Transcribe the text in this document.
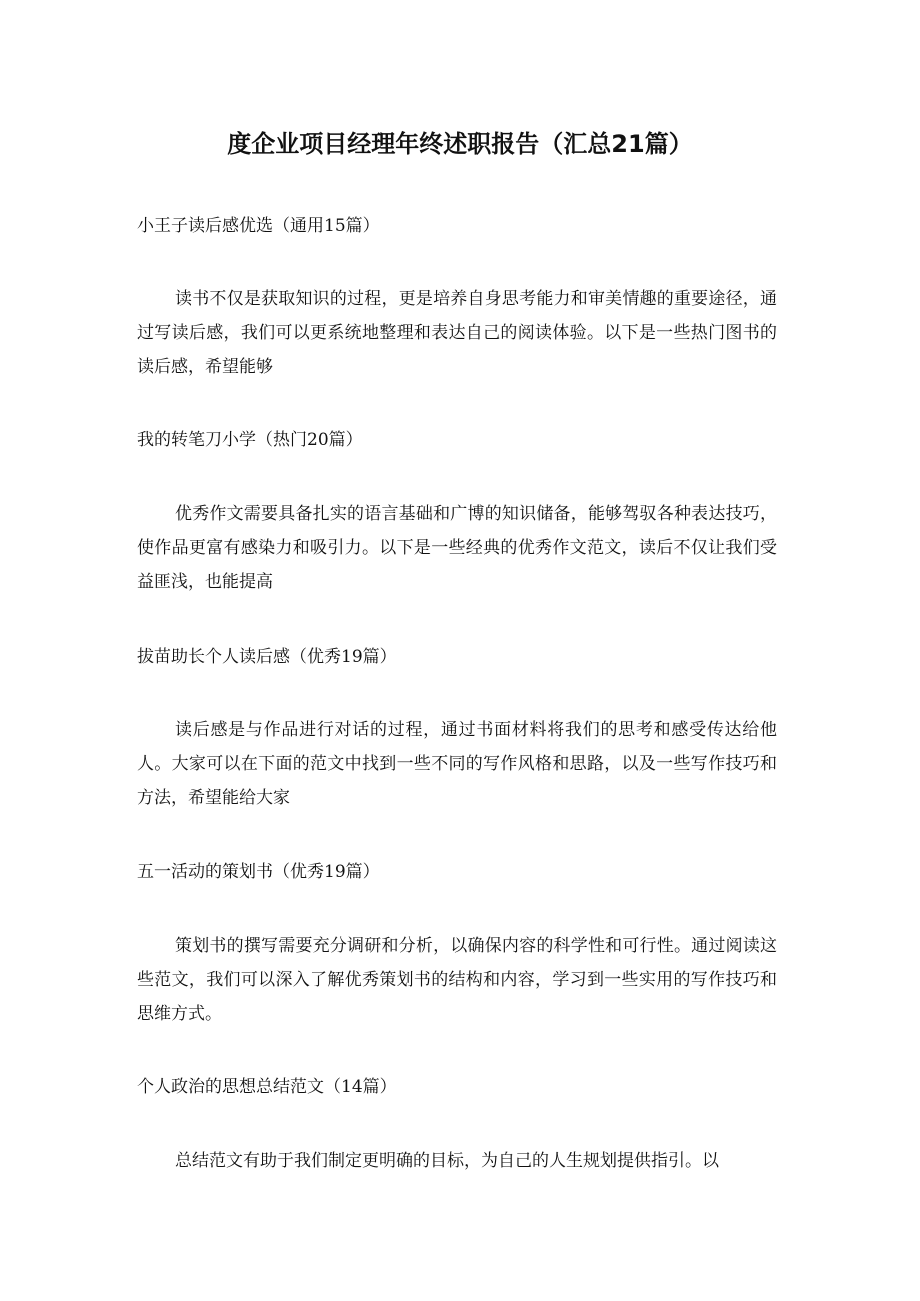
度企业项目经理年终述职报告（汇总21篇）

小王子读后感优选（通用15篇）

读书不仅是获取知识的过程，更是培养自身思考能力和审美情趣的重要途径，通过写读后感，我们可以更系统地整理和表达自己的阅读体验。以下是一些热门图书的读后感，希望能够

我的转笔刀小学（热门20篇）

优秀作文需要具备扎实的语言基础和广博的知识储备，能够驾驭各种表达技巧，使作品更富有感染力和吸引力。以下是一些经典的优秀作文范文，读后不仅让我们受益匪浅，也能提高

拔苗助长个人读后感（优秀19篇）

读后感是与作品进行对话的过程，通过书面材料将我们的思考和感受传达给他人。大家可以在下面的范文中找到一些不同的写作风格和思路，以及一些写作技巧和方法，希望能给大家

五一活动的策划书（优秀19篇）

策划书的撰写需要充分调研和分析，以确保内容的科学性和可行性。通过阅读这些范文，我们可以深入了解优秀策划书的结构和内容，学习到一些实用的写作技巧和思维方式。

个人政治的思想总结范文（14篇）

总结范文有助于我们制定更明确的目标，为自己的人生规划提供指引。以
